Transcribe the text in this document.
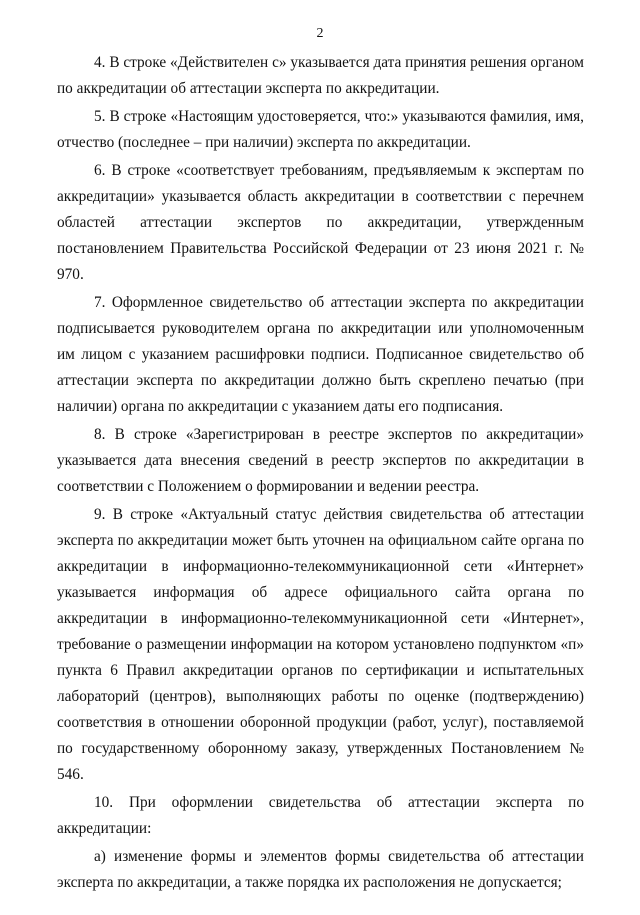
2

4. В строке «Действителен с» указывается дата принятия решения органом по аккредитации об аттестации эксперта по аккредитации.

5. В строке «Настоящим удостоверяется, что:» указываются фамилия, имя, отчество (последнее – при наличии) эксперта по аккредитации.

6. В строке «соответствует требованиям, предъявляемым к экспертам по аккредитации» указывается область аккредитации в соответствии с перечнем областей аттестации экспертов по аккредитации, утвержденным постановлением Правительства Российской Федерации от 23 июня 2021 г. № 970.

7. Оформленное свидетельство об аттестации эксперта по аккредитации подписывается руководителем органа по аккредитации или уполномоченным им лицом с указанием расшифровки подписи. Подписанное свидетельство об аттестации эксперта по аккредитации должно быть скреплено печатью (при наличии) органа по аккредитации с указанием даты его подписания.

8. В строке «Зарегистрирован в реестре экспертов по аккредитации» указывается дата внесения сведений в реестр экспертов по аккредитации в соответствии с Положением о формировании и ведении реестра.

9. В строке «Актуальный статус действия свидетельства об аттестации эксперта по аккредитации может быть уточнен на официальном сайте органа по аккредитации в информационно-телекоммуникационной сети «Интернет» указывается информация об адресе официального сайта органа по аккредитации в информационно-телекоммуникационной сети «Интернет», требование о размещении информации на котором установлено подпунктом «п» пункта 6 Правил аккредитации органов по сертификации и испытательных лабораторий (центров), выполняющих работы по оценке (подтверждению) соответствия в отношении оборонной продукции (работ, услуг), поставляемой по государственному оборонному заказу, утвержденных Постановлением № 546.

10. При оформлении свидетельства об аттестации эксперта по аккредитации:

а) изменение формы и элементов формы свидетельства об аттестации эксперта по аккредитации, а также порядка их расположения не допускается;
